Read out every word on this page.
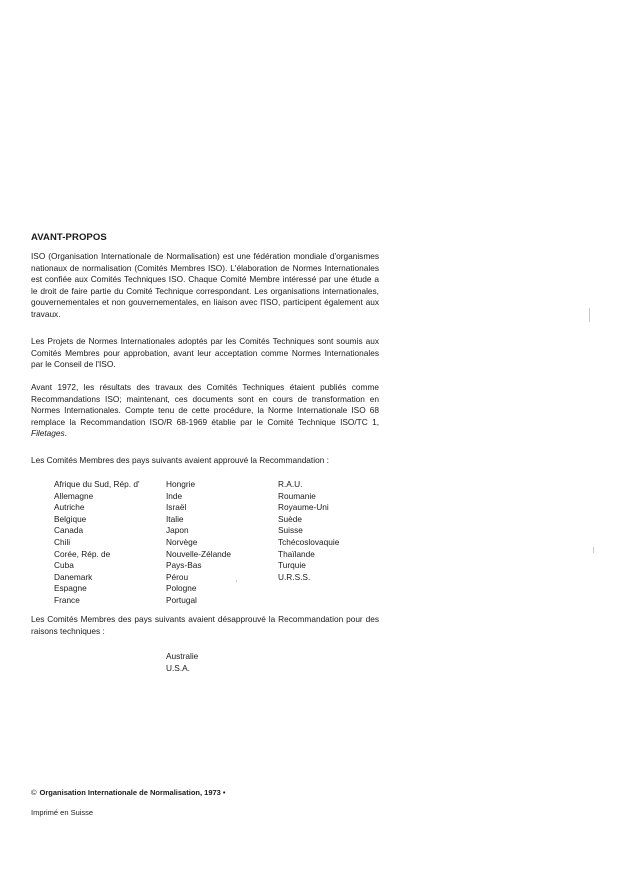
AVANT-PROPOS

ISO (Organisation Internationale de Normalisation) est une fédération mondiale d'organismes nationaux de normalisation (Comités Membres ISO). L'élaboration de Normes Internationales est confiée aux Comités Techniques ISO. Chaque Comité Membre intéressé par une étude a le droit de faire partie du Comité Technique correspondant. Les organisations internationales, gouvernementales et non gouvernementales, en liaison avec l'ISO, participent également aux travaux.

Les Projets de Normes Internationales adoptés par les Comités Techniques sont soumis aux Comités Membres pour approbation, avant leur acceptation comme Normes Internationales par le Conseil de l'ISO.

Avant 1972, les résultats des travaux des Comités Techniques étaient publiés comme Recommandations ISO; maintenant, ces documents sont en cours de transformation en Normes Internationales. Compte tenu de cette procédure, la Norme Internationale ISO 68 remplace la Recommandation ISO/R 68-1969 établie par le Comité Technique ISO/TC 1, Filetages.

Les Comités Membres des pays suivants avaient approuvé la Recommandation :

Afrique du Sud, Rép. d'
Allemagne
Autriche
Belgique
Canada
Chili
Corée, Rép. de
Cuba
Danemark
Espagne
France
Hongrie
Inde
Israël
Italie
Japon
Norvège
Nouvelle-Zélande
Pays-Bas
Pérou
Pologne
Portugal
R.A.U.
Roumanie
Royaume-Uni
Suède
Suisse
Tchécoslovaquie
Thaïlande
Turquie
U.R.S.S.

Les Comités Membres des pays suivants avaient désapprouvé la Recommandation pour des raisons techniques :

Australie
U.S.A.
© Organisation Internationale de Normalisation, 1973 •
Imprimé en Suisse
